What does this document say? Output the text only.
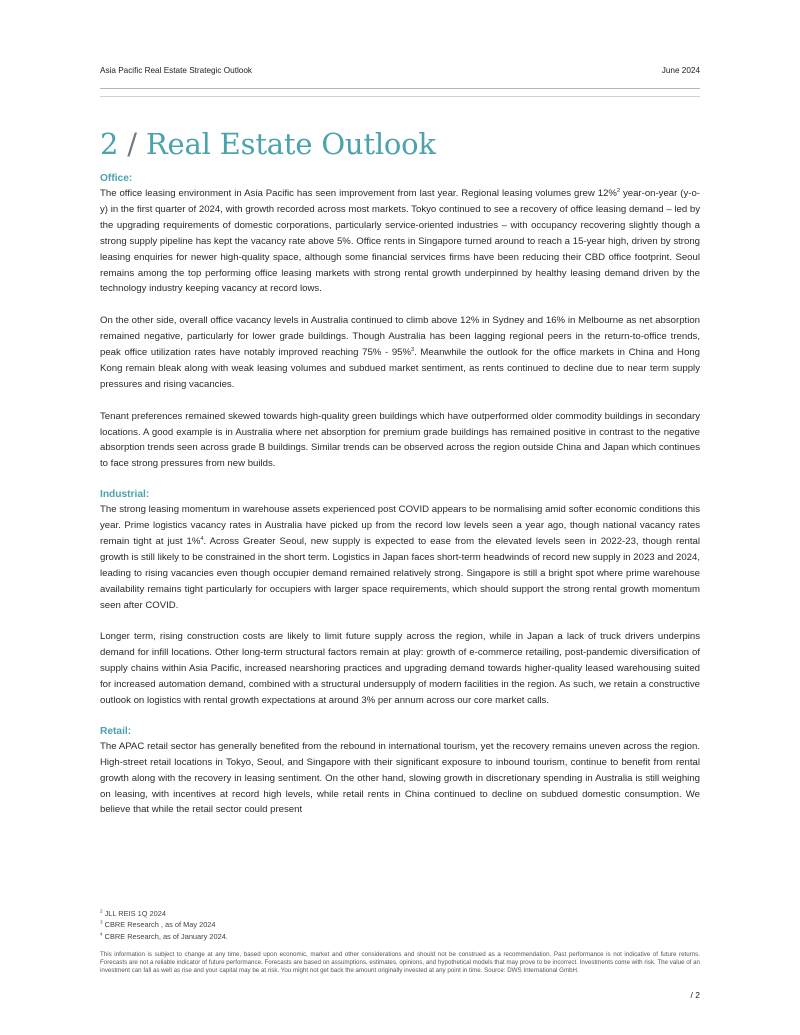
Asia Pacific Real Estate Strategic Outlook	June 2024
2 / Real Estate Outlook
Office:

The office leasing environment in Asia Pacific has seen improvement from last year. Regional leasing volumes grew 12%$^2$ year-on-year (y-o-y) in the first quarter of 2024, with growth recorded across most markets. Tokyo continued to see a recovery of office leasing demand – led by the upgrading requirements of domestic corporations, particularly service-oriented industries – with occupancy recovering slightly though a strong supply pipeline has kept the vacancy rate above 5%. Office rents in Singapore turned around to reach a 15-year high, driven by strong leasing enquiries for newer high-quality space, although some financial services firms have been reducing their CBD office footprint. Seoul remains among the top performing office leasing markets with strong rental growth underpinned by healthy leasing demand driven by the technology industry keeping vacancy at record lows.

On the other side, overall office vacancy levels in Australia continued to climb above 12% in Sydney and 16% in Melbourne as net absorption remained negative, particularly for lower grade buildings. Though Australia has been lagging regional peers in the return-to-office trends, peak office utilization rates have notably improved reaching 75% - 95%$^3$. Meanwhile the outlook for the office markets in China and Hong Kong remain bleak along with weak leasing volumes and subdued market sentiment, as rents continued to decline due to near term supply pressures and rising vacancies.

Tenant preferences remained skewed towards high-quality green buildings which have outperformed older commodity buildings in secondary locations. A good example is in Australia where net absorption for premium grade buildings has remained positive in contrast to the negative absorption trends seen across grade B buildings. Similar trends can be observed across the region outside China and Japan which continues to face strong pressures from new builds.

Industrial:

The strong leasing momentum in warehouse assets experienced post COVID appears to be normalising amid softer economic conditions this year. Prime logistics vacancy rates in Australia have picked up from the record low levels seen a year ago, though national vacancy rates remain tight at just 1%$^4$. Across Greater Seoul, new supply is expected to ease from the elevated levels seen in 2022-23, though rental growth is still likely to be constrained in the short term. Logistics in Japan faces short-term headwinds of record new supply in 2023 and 2024, leading to rising vacancies even though occupier demand remained relatively strong. Singapore is still a bright spot where prime warehouse availability remains tight particularly for occupiers with larger space requirements, which should support the strong rental growth momentum seen after COVID.

Longer term, rising construction costs are likely to limit future supply across the region, while in Japan a lack of truck drivers underpins demand for infill locations. Other long-term structural factors remain at play: growth of e-commerce retailing, post-pandemic diversification of supply chains within Asia Pacific, increased nearshoring practices and upgrading demand towards higher-quality leased warehousing suited for increased automation demand, combined with a structural undersupply of modern facilities in the region. As such, we retain a constructive outlook on logistics with rental growth expectations at around 3% per annum across our core market calls.

Retail:

The APAC retail sector has generally benefited from the rebound in international tourism, yet the recovery remains uneven across the region. High-street retail locations in Tokyo, Seoul, and Singapore with their significant exposure to inbound tourism, continue to benefit from rental growth along with the recovery in leasing sentiment. On the other hand, slowing growth in discretionary spending in Australia is still weighing on leasing, with incentives at record high levels, while retail rents in China continued to decline on subdued domestic consumption. We believe that while the retail sector could present

$^2$ JLL REIS 1Q 2024
$^3$ CBRE Research , as of May 2024
$^4$ CBRE Research, as of January 2024.
This information is subject to change at any time, based upon economic, market and other considerations and should not be construed as a recommendation. Past performance is not indicative of future returns. Forecasts are not a reliable indicator of future performance. Forecasts are based on assumptions, estimates, opinions, and hypothetical models that may prove to be incorrect. Investments come with risk. The value of an investment can fall as well as rise and your capital may be at risk. You might not get back the amount originally invested at any point in time. Source: DWS International GmbH.
/ 2
